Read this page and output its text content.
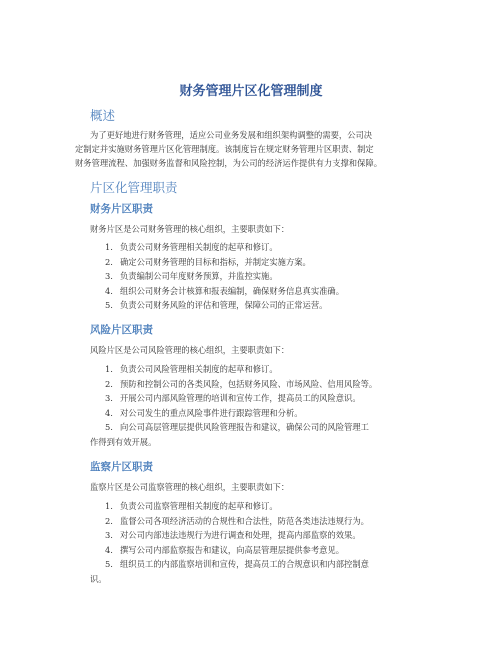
财务管理片区化管理制度
概述
为了更好地进行财务管理，适应公司业务发展和组织架构调整的需要，公司决
定制定并实施财务管理片区化管理制度。该制度旨在规定财务管理片区职责、制定
财务管理流程、加强财务监督和风险控制，为公司的经济运作提供有力支撑和保障。
片区化管理职责
财务片区职责
财务片区是公司财务管理的核心组织，主要职责如下：
1. 负责公司财务管理相关制度的起草和修订。
2. 确定公司财务管理的目标和指标，并制定实施方案。
3. 负责编制公司年度财务预算，并监控实施。
4. 组织公司财务会计核算和报表编制，确保财务信息真实准确。
5. 负责公司财务风险的评估和管理，保障公司的正常运营。
风险片区职责
风险片区是公司风险管理的核心组织，主要职责如下：
1. 负责公司风险管理相关制度的起草和修订。
2. 预防和控制公司的各类风险，包括财务风险、市场风险、信用风险等。
3. 开展公司内部风险管理的培训和宣传工作，提高员工的风险意识。
4. 对公司发生的重点风险事件进行跟踪管理和分析。
5. 向公司高层管理层提供风险管理报告和建议，确保公司的风险管理工
作得到有效开展。
监察片区职责
监察片区是公司监察管理的核心组织，主要职责如下：
1. 负责公司监察管理相关制度的起草和修订。
2. 监督公司各项经济活动的合规性和合法性，防范各类违法违规行为。
3. 对公司内部违法违规行为进行调查和处理，提高内部监察的效果。
4. 撰写公司内部监察报告和建议，向高层管理层提供参考意见。
5. 组织员工的内部监察培训和宣传，提高员工的合规意识和内部控制意
识。
